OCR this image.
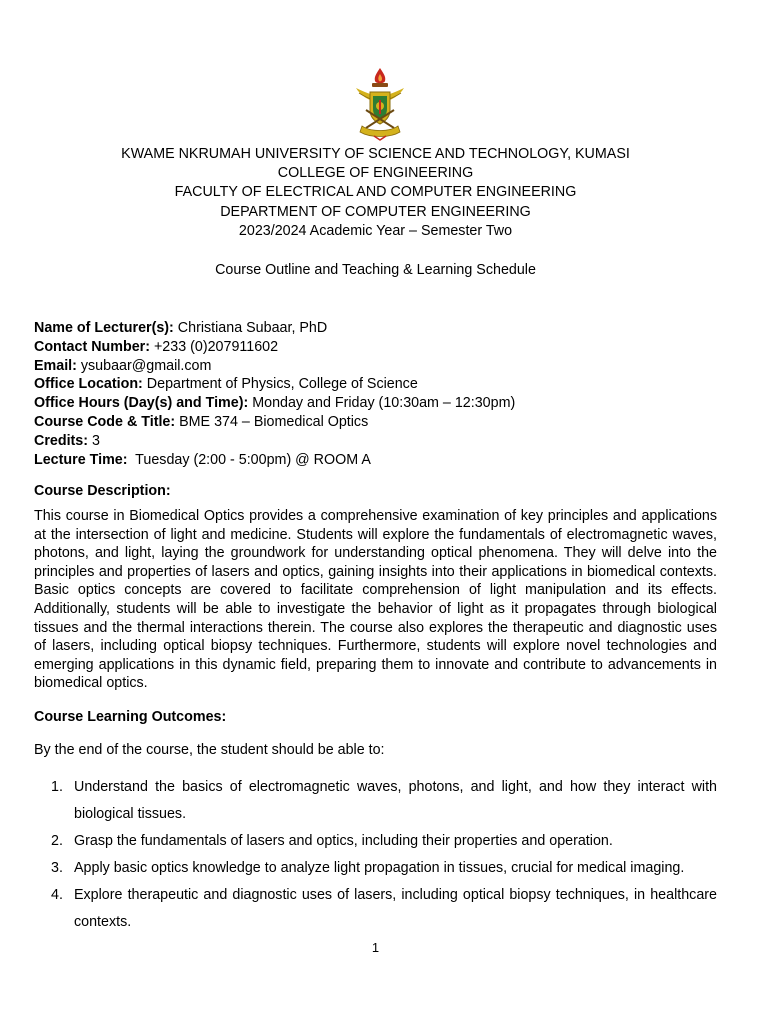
KWAME NKRUMAH UNIVERSITY OF SCIENCE AND TECHNOLOGY, KUMASI
COLLEGE OF ENGINEERING
FACULTY OF ELECTRICAL AND COMPUTER ENGINEERING
DEPARTMENT OF COMPUTER ENGINEERING
2023/2024 Academic Year – Semester Two
Course Outline and Teaching & Learning Schedule
Name of Lecturer(s): Christiana Subaar, PhD
Contact Number: +233 (0)207911602
Email: ysubaar@gmail.com
Office Location: Department of Physics, College of Science
Office Hours (Day(s) and Time): Monday and Friday (10:30am – 12:30pm)
Course Code & Title: BME 374 – Biomedical Optics
Credits: 3
Lecture Time:  Tuesday (2:00 - 5:00pm) @ ROOM A
Course Description:
This course in Biomedical Optics provides a comprehensive examination of key principles and applications at the intersection of light and medicine. Students will explore the fundamentals of electromagnetic waves, photons, and light, laying the groundwork for understanding optical phenomena. They will delve into the principles and properties of lasers and optics, gaining insights into their applications in biomedical contexts. Basic optics concepts are covered to facilitate comprehension of light manipulation and its effects. Additionally, students will be able to investigate the behavior of light as it propagates through biological tissues and the thermal interactions therein. The course also explores the therapeutic and diagnostic uses of lasers, including optical biopsy techniques. Furthermore, students will explore novel technologies and emerging applications in this dynamic field, preparing them to innovate and contribute to advancements in biomedical optics.
Course Learning Outcomes:
By the end of the course, the student should be able to:
1. Understand the basics of electromagnetic waves, photons, and light, and how they interact with biological tissues.
2. Grasp the fundamentals of lasers and optics, including their properties and operation.
3. Apply basic optics knowledge to analyze light propagation in tissues, crucial for medical imaging.
4. Explore therapeutic and diagnostic uses of lasers, including optical biopsy techniques, in healthcare contexts.
1
